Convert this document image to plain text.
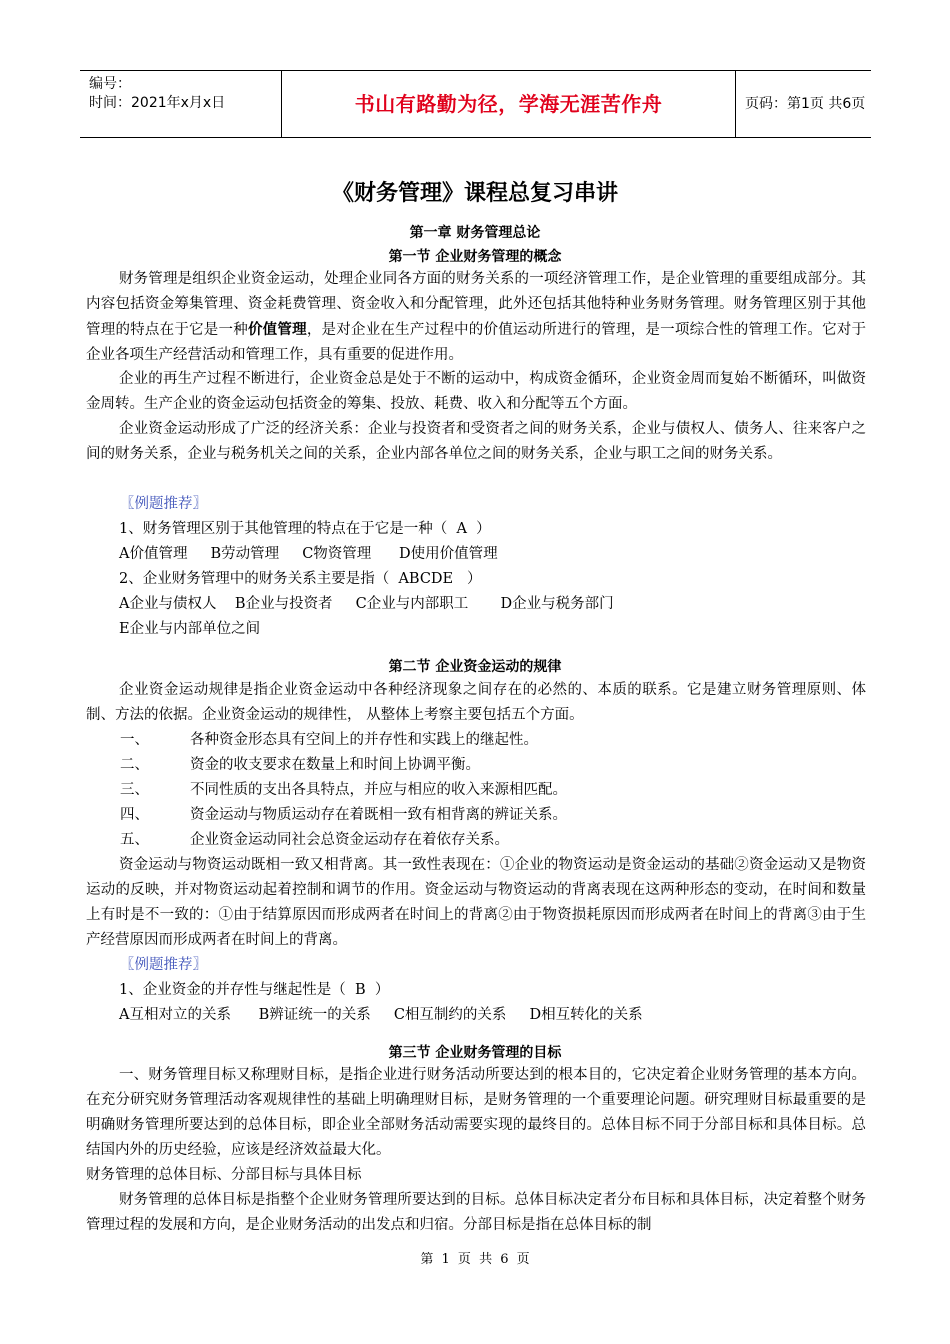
编号：
时间：2021年x月x日	书山有路勤为径，学海无涯苦作舟	页码：第1页 共6页
《财务管理》课程总复习串讲
第一章 财务管理总论
第一节 企业财务管理的概念

财务管理是组织企业资金运动，处理企业同各方面的财务关系的一项经济管理工作，是企业管理的重要组成部分。其内容包括资金筹集管理、资金耗费管理、资金收入和分配管理，此外还包括其他特种业务财务管理。财务管理区别于其他管理的特点在于它是一种价值管理，是对企业在生产过程中的价值运动所进行的管理，是一项综合性的管理工作。它对于企业各项生产经营活动和管理工作，具有重要的促进作用。

企业的再生产过程不断进行，企业资金总是处于不断的运动中，构成资金循环，企业资金周而复始不断循环，叫做资金周转。生产企业的资金运动包括资金的筹集、投放、耗费、收入和分配等五个方面。

企业资金运动形成了广泛的经济关系：企业与投资者和受资者之间的财务关系，企业与债权人、债务人、往来客户之间的财务关系，企业与税务机关之间的关系，企业内部各单位之间的财务关系，企业与职工之间的财务关系。

〖例题推荐〗
1、财务管理区别于其他管理的特点在于它是一种（  A  ）
A价值管理     B劳动管理     C物资管理      D使用价值管理
2、企业财务管理中的财务关系主要是指（  ABCDE   ）
A企业与债权人    B企业与投资者     C企业与内部职工       D企业与税务部门
E企业与内部单位之间
第二节 企业资金运动的规律

企业资金运动规律是指企业资金运动中各种经济现象之间存在的必然的、本质的联系。它是建立财务管理原则、体制、方法的依据。企业资金运动的规律性， 从整体上考察主要包括五个方面。

一、	各种资金形态具有空间上的并存性和实践上的继起性。
二、	资金的收支要求在数量上和时间上协调平衡。
三、	不同性质的支出各具特点，并应与相应的收入来源相匹配。
四、	资金运动与物质运动存在着既相一致有相背离的辨证关系。
五、	企业资金运动同社会总资金运动存在着依存关系。

资金运动与物资运动既相一致又相背离。其一致性表现在：①企业的物资运动是资金运动的基础②资金运动又是物资运动的反映，并对物资运动起着控制和调节的作用。资金运动与物资运动的背离表现在这两种形态的变动，在时间和数量上有时是不一致的：①由于结算原因而形成两者在时间上的背离②由于物资损耗原因而形成两者在时间上的背离③由于生产经营原因而形成两者在时间上的背离。

〖例题推荐〗
1、企业资金的并存性与继起性是（  B  ）
A互相对立的关系      B辨证统一的关系     C相互制约的关系     D相互转化的关系
第三节 企业财务管理的目标

一、财务管理目标又称理财目标，是指企业进行财务活动所要达到的根本目的，它决定着企业财务管理的基本方向。在充分研究财务管理活动客观规律性的基础上明确理财目标，是财务管理的一个重要理论问题。研究理财目标最重要的是明确财务管理所要达到的总体目标，即企业全部财务活动需要实现的最终目的。总体目标不同于分部目标和具体目标。总结国内外的历史经验，应该是经济效益最大化。

财务管理的总体目标、分部目标与具体目标

财务管理的总体目标是指整个企业财务管理所要达到的目标。总体目标决定者分布目标和具体目标，决定着整个财务管理过程的发展和方向，是企业财务活动的出发点和归宿。分部目标是指在总体目标的制

第 1 页 共 6 页
